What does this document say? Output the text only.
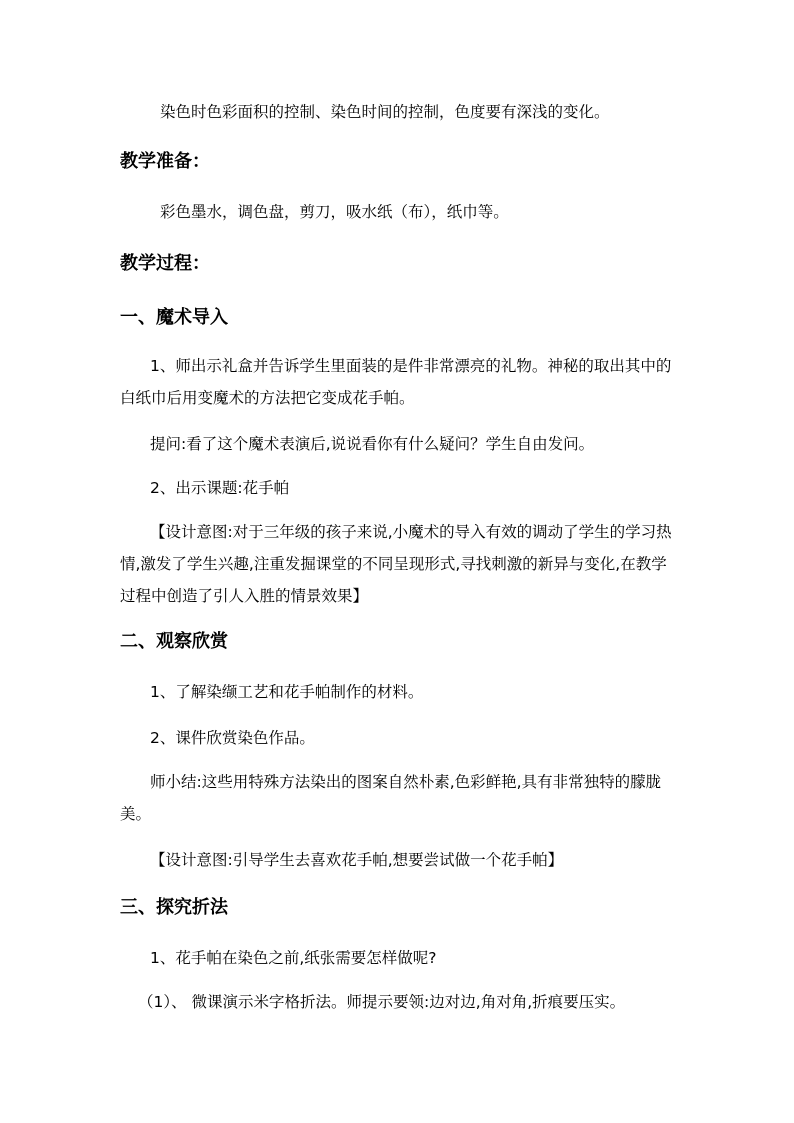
染色时色彩面积的控制、染色时间的控制，色度要有深浅的变化。

教学准备：

彩色墨水，调色盘，剪刀，吸水纸（布），纸巾等。

教学过程：
一、魔术导入

1、师出示礼盒并告诉学生里面装的是件非常漂亮的礼物。神秘的取出其中的白纸巾后用变魔术的方法把它变成花手帕。

提问:看了这个魔术表演后,说说看你有什么疑问？学生自由发问。

2、出示课题:花手帕

【设计意图:对于三年级的孩子来说,小魔术的导入有效的调动了学生的学习热情,激发了学生兴趣,注重发掘课堂的不同呈现形式,寻找刺激的新异与变化,在教学过程中创造了引人入胜的情景效果】

二、观察欣赏

1、了解染缬工艺和花手帕制作的材料。

2、课件欣赏染色作品。

师小结:这些用特殊方法染出的图案自然朴素,色彩鲜艳,具有非常独特的朦胧美。

【设计意图:引导学生去喜欢花手帕,想要尝试做一个花手帕】

三、探究折法

1、花手帕在染色之前,纸张需要怎样做呢?

（1）、 微课演示米字格折法。师提示要领:边对边,角对角,折痕要压实。
